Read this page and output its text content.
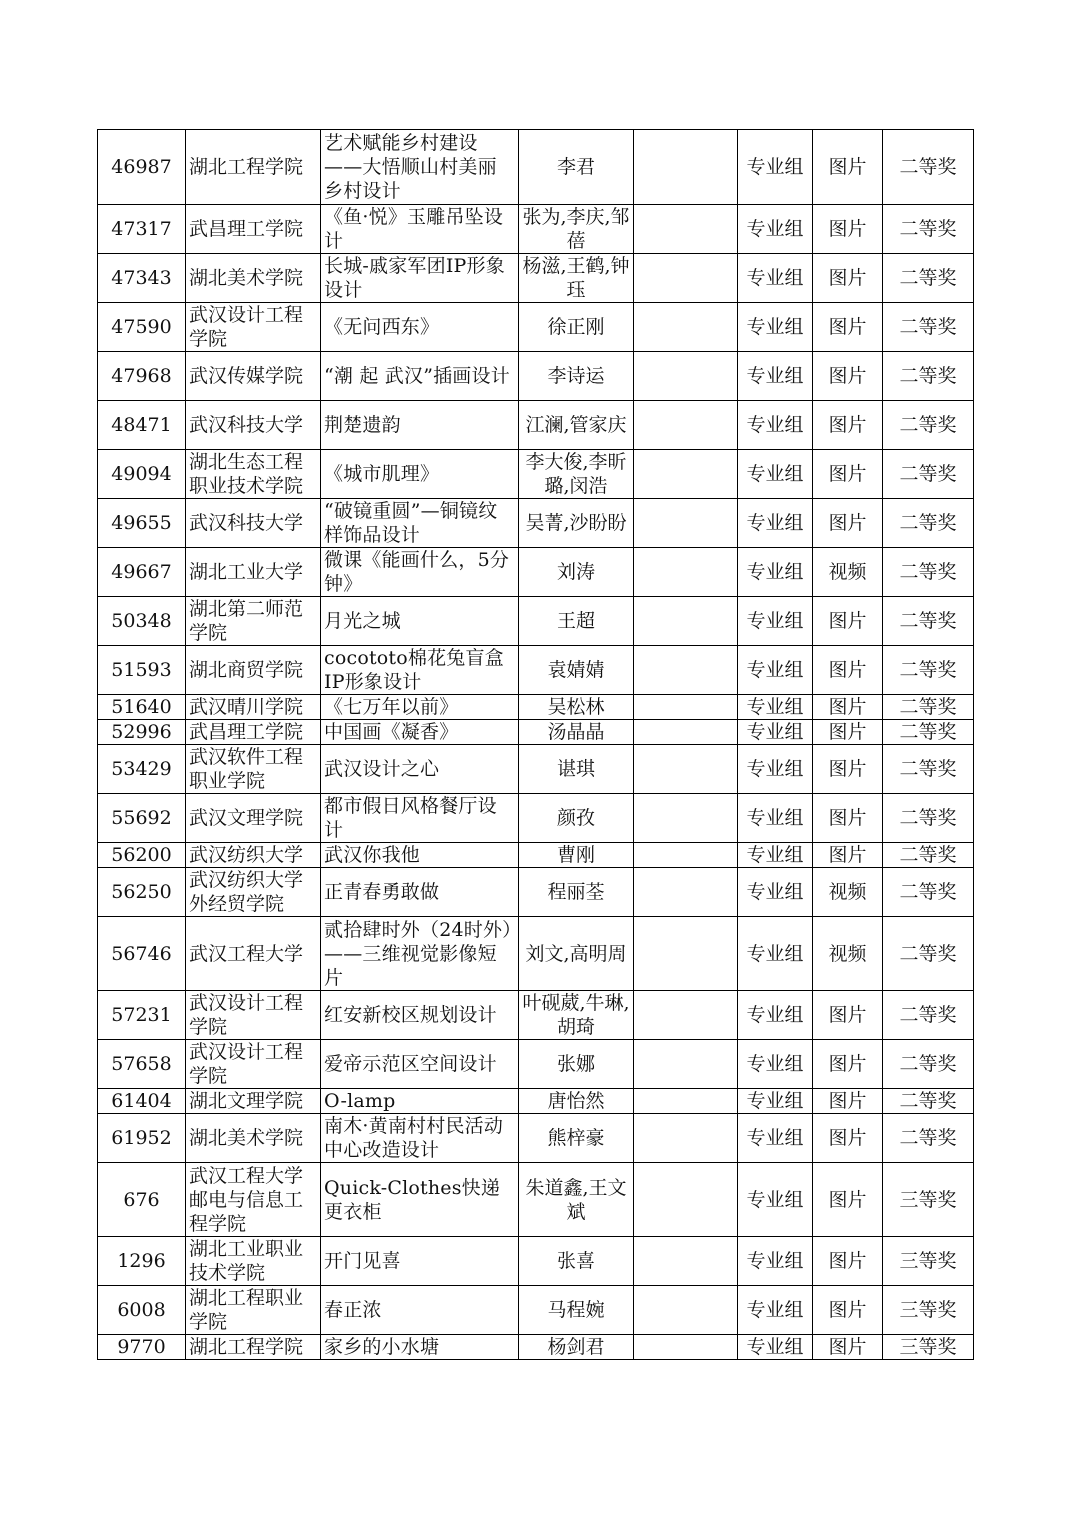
46987	湖北工程学院	艺术赋能乡村建设——大悟顺山村美丽乡村设计	李君		专业组	图片	二等奖
47317	武昌理工学院	《鱼·悦》玉雕吊坠设计	张为,李庆,邹蓓		专业组	图片	二等奖
47343	湖北美术学院	长城-戚家军团IP形象设计	杨滋,王鹤,钟珏		专业组	图片	二等奖
47590	武汉设计工程学院	《无问西东》	徐正刚		专业组	图片	二等奖
47968	武汉传媒学院	“潮 起 武汉”插画设计	李诗运		专业组	图片	二等奖
48471	武汉科技大学	荆楚遗韵	江澜,管家庆		专业组	图片	二等奖
49094	湖北生态工程职业技术学院	《城市肌理》	李大俊,李昕璐,闵浩		专业组	图片	二等奖
49655	武汉科技大学	“破镜重圆”—铜镜纹样饰品设计	吴菁,沙盼盼		专业组	图片	二等奖
49667	湖北工业大学	微课《能画什么，5分钟》	刘涛		专业组	视频	二等奖
50348	湖北第二师范学院	月光之城	王超		专业组	图片	二等奖
51593	湖北商贸学院	cocototo棉花兔盲盒IP形象设计	袁婧婧		专业组	图片	二等奖
51640	武汉晴川学院	《七万年以前》	吴松林		专业组	图片	二等奖
52996	武昌理工学院	中国画《凝香》	汤晶晶		专业组	图片	二等奖
53429	武汉软件工程职业学院	武汉设计之心	谌琪		专业组	图片	二等奖
55692	武汉文理学院	都市假日风格餐厅设计	颜孜		专业组	图片	二等奖
56200	武汉纺织大学	武汉你我他	曹刚		专业组	图片	二等奖
56250	武汉纺织大学外经贸学院	正青春勇敢做	程丽荃		专业组	视频	二等奖
56746	武汉工程大学	贰拾肆时外（24时外）——三维视觉影像短片	刘文,高明周		专业组	视频	二等奖
57231	武汉设计工程学院	红安新校区规划设计	叶砚葳,牛琳,胡琦		专业组	图片	二等奖
57658	武汉设计工程学院	爱帝示范区空间设计	张娜		专业组	图片	二等奖
61404	湖北文理学院	O-lamp	唐怡然		专业组	图片	二等奖
61952	湖北美术学院	南木·黄南村村民活动中心改造设计	熊梓豪		专业组	图片	二等奖
676	武汉工程大学邮电与信息工程学院	Quick-Clothes快递更衣柜	朱道鑫,王文斌		专业组	图片	三等奖
1296	湖北工业职业技术学院	开门见喜	张喜		专业组	图片	三等奖
6008	湖北工程职业学院	春正浓	马程婉		专业组	图片	三等奖
9770	湖北工程学院	家乡的小水塘	杨剑君		专业组	图片	三等奖
